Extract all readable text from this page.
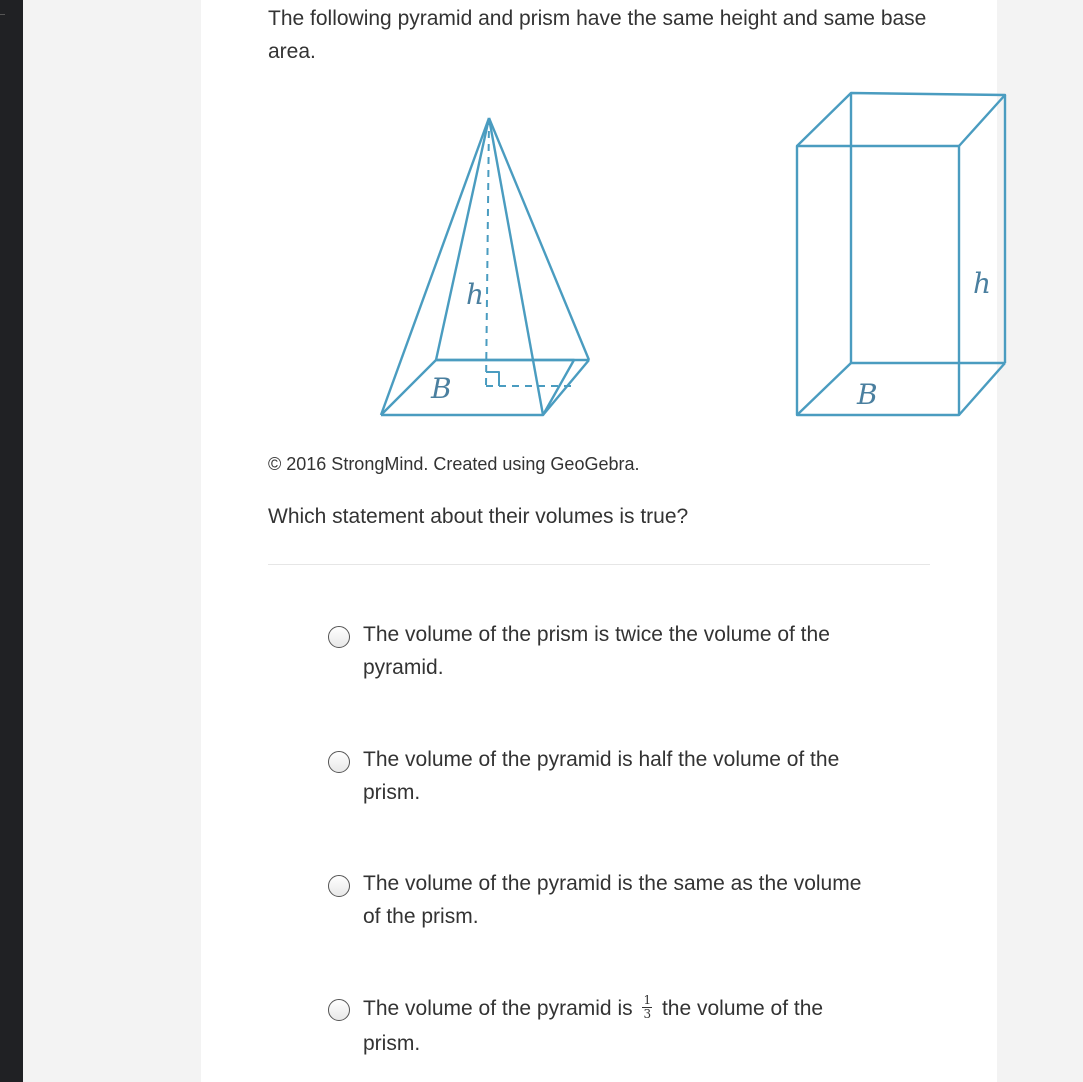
The following pyramid and prism have the same height and same base area.

h
B
h
B

© 2016 StrongMind. Created using GeoGebra.

Which statement about their volumes is true?

The volume of the prism is twice the volume of the pyramid.
The volume of the pyramid is half the volume of the prism.
The volume of the pyramid is the same as the volume of the prism.
The volume of the pyramid is $\frac{1}{3}$ the volume of the prism.
